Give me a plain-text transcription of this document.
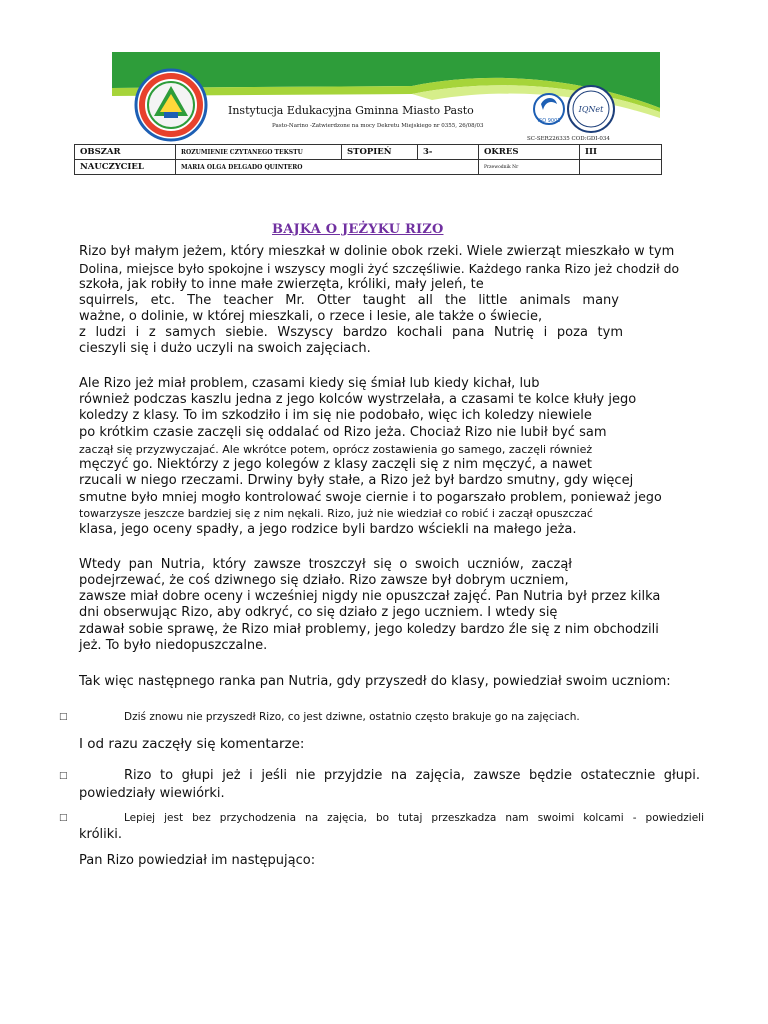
Instytucja Edukacyjna Gminna Miasto Pasto
Pasto-Narino -Zatwierdzone na mocy Dekretu Miejskiego nr 0355, 26/08/03
ISO 9001
IQNet
SC-SER226335 COD:GDI-034
OBSZAR	ROZUMIENIE CZYTANEGO TEKSTU	STOPIEŃ	3-	OKRES	III
NAUCZYCIEL	MARIA OLGA DELGADO QUINTERO			Przewodnik Nr	
BAJKA O JEŻYKU RIZO
Rizo był małym jeżem, który mieszkał w dolinie obok rzeki. Wiele zwierząt mieszkało w tym
Dolina, miejsce było spokojne i wszyscy mogli żyć szczęśliwie. Każdego ranka Rizo jeż chodził do
szkoła, jak robiły to inne małe zwierzęta, króliki, mały jeleń, te
squirrels, etc. The teacher Mr. Otter taught all the little animals many
ważne, o dolinie, w której mieszkali, o rzece i lesie, ale także o świecie,
z ludzi i z samych siebie. Wszyscy bardzo kochali pana Nutrię i poza tym
cieszyli się i dużo uczyli na swoich zajęciach.
Ale Rizo jeż miał problem, czasami kiedy się śmiał lub kiedy kichał, lub
również podczas kaszlu jedna z jego kolców wystrzelała, a czasami te kolce kłuły jego
koledzy z klasy. To im szkodziło i im się nie podobało, więc ich koledzy niewiele
po krótkim czasie zaczęli się oddalać od Rizo jeża. Chociaż Rizo nie lubił być sam
zaczął się przyzwyczajać. Ale wkrótce potem, oprócz zostawienia go samego, zaczęli również
męczyć go. Niektórzy z jego kolegów z klasy zaczęli się z nim męczyć, a nawet
rzucali w niego rzeczami. Drwiny były stałe, a Rizo jeż był bardzo smutny, gdy więcej
smutne było mniej mogło kontrolować swoje ciernie i to pogarszało problem, ponieważ jego
towarzysze jeszcze bardziej się z nim nękali. Rizo, już nie wiedział co robić i zaczął opuszczać
klasa, jego oceny spadły, a jego rodzice byli bardzo wściekli na małego jeża.
Wtedy pan Nutria, który zawsze troszczył się o swoich uczniów, zaczął
podejrzewać, że coś dziwnego się działo. Rizo zawsze był dobrym uczniem,
zawsze miał dobre oceny i wcześniej nigdy nie opuszczał zajęć. Pan Nutria był przez kilka
dni obserwując Rizo, aby odkryć, co się działo z jego uczniem. I wtedy się
zdawał sobie sprawę, że Rizo miał problemy, jego koledzy bardzo źle się z nim obchodzili
jeż. To było niedopuszczalne.
Tak więc następnego ranka pan Nutria, gdy przyszedł do klasy, powiedział swoim uczniom:
□	Dziś znowu nie przyszedł Rizo, co jest dziwne, ostatnio często brakuje go na zajęciach.
I od razu zaczęły się komentarze:
□	Rizo to głupi jeż i jeśli nie przyjdzie na zajęcia, zawsze będzie ostatecznie głupi.
powiedziały wiewiórki.
□	Lepiej jest bez przychodzenia na zajęcia, bo tutaj przeszkadza nam swoimi kolcami - powiedzieli
króliki.
Pan Rizo powiedział im następująco:
